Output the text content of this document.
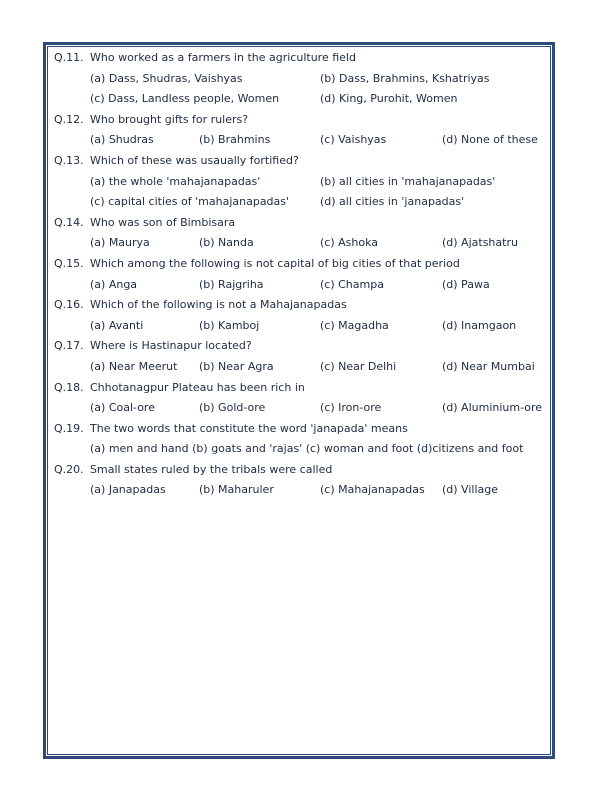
Q.11. Who worked as a farmers in the agriculture field
(a) Dass, Shudras, Vaishyas	(b) Dass, Brahmins, Kshatriyas
(c) Dass, Landless people, Women	(d) King, Purohit, Women
Q.12. Who brought gifts for rulers?
(a) Shudras	(b) Brahmins	(c) Vaishyas	(d) None of these
Q.13. Which of these was usaually fortified?
(a) the whole 'mahajanapadas'	(b) all cities in 'mahajanapadas'
(c) capital cities of 'mahajanapadas'	(d) all cities in 'janapadas'
Q.14. Who was son of Bimbisara
(a) Maurya	(b) Nanda	(c) Ashoka	(d) Ajatshatru
Q.15. Which among the following is not capital of big cities of that period
(a) Anga	(b) Rajgriha	(c) Champa	(d) Pawa
Q.16. Which of the following is not a Mahajanapadas
(a) Avanti	(b) Kamboj	(c) Magadha	(d) Inamgaon
Q.17. Where is Hastinapur located?
(a) Near Meerut (b) Near Agra	(c) Near Delhi	(d) Near Mumbai
Q.18. Chhotanagpur Plateau has been rich in
(a) Coal-ore	(b) Gold-ore	(c) Iron-ore	(d) Aluminium-ore
Q.19. The two words that constitute the word 'janapada' means
(a) men and hand (b) goats and 'rajas' (c) woman and foot (d)citizens and foot
Q.20. Small states ruled by the tribals were called
(a) Janapadas	(b) Maharuler	(c) Mahajanapadas (d) Village
